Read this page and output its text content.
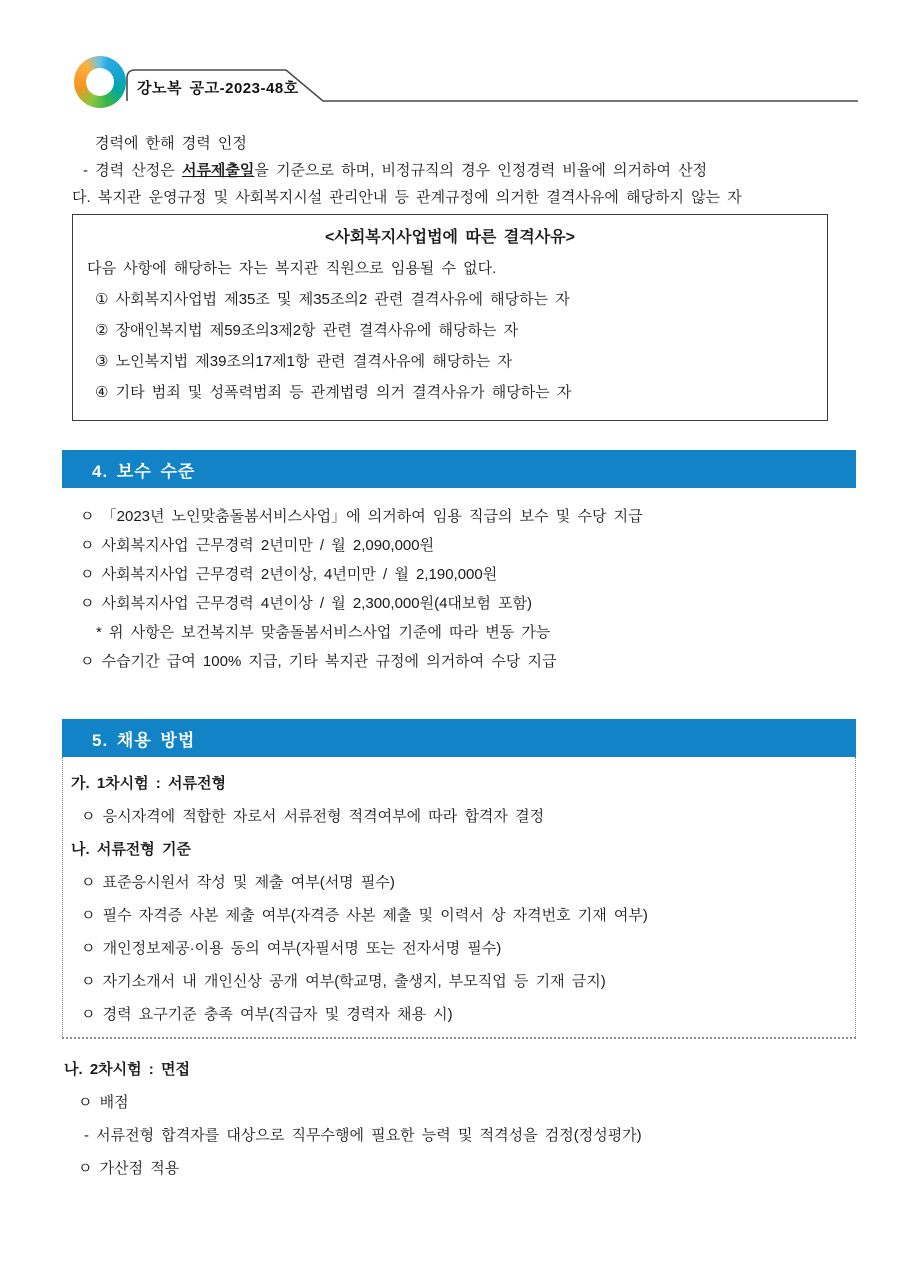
강노복 공고-2023-48호
경력에 한해 경력 인정
- 경력 산정은 서류제출일을 기준으로 하며, 비정규직의 경우 인정경력 비율에 의거하여 산정
다. 복지관 운영규정 및 사회복지시설 관리안내 등 관계규정에 의거한 결격사유에 해당하지 않는 자
<사회복지사업법에 따른 결격사유>
다음 사항에 해당하는 자는 복지관 직원으로 임용될 수 없다.
① 사회복지사업법 제35조 및 제35조의2 관련 결격사유에 해당하는 자
② 장애인복지법 제59조의3제2항 관련 결격사유에 해당하는 자
③ 노인복지법 제39조의17제1항 관련 결격사유에 해당하는 자
④ 기타 범죄 및 성폭력범죄 등 관계법령 의거 결격사유가 해당하는 자
4. 보수 수준
ㅇ 「2023년 노인맞춤돌봄서비스사업」에 의거하여 임용 직급의 보수 및 수당 지급
ㅇ 사회복지사업 근무경력 2년미만 / 월 2,090,000원
ㅇ 사회복지사업 근무경력 2년이상, 4년미만 / 월 2,190,000원
ㅇ 사회복지사업 근무경력 4년이상 / 월 2,300,000원(4대보험 포함)
* 위 사항은 보건복지부 맞춤돌봄서비스사업 기준에 따라 변동 가능
ㅇ 수습기간 급여 100% 지급, 기타 복지관 규정에 의거하여 수당 지급
5. 채용 방법
가. 1차시험 : 서류전형
ㅇ 응시자격에 적합한 자로서 서류전형 적격여부에 따라 합격자 결정
나. 서류전형 기준
ㅇ 표준응시원서 작성 및 제출 여부(서명 필수)
ㅇ 필수 자격증 사본 제출 여부(자격증 사본 제출 및 이력서 상 자격번호 기재 여부)
ㅇ 개인정보제공·이용 동의 여부(자필서명 또는 전자서명 필수)
ㅇ 자기소개서 내 개인신상 공개 여부(학교명, 출생지, 부모직업 등 기재 금지)
ㅇ 경력 요구기준 충족 여부(직급자 및 경력자 채용 시)
나. 2차시험 : 면접
ㅇ 배점
- 서류전형 합격자를 대상으로 직무수행에 필요한 능력 및 적격성을 검정(정성평가)
ㅇ 가산점 적용
